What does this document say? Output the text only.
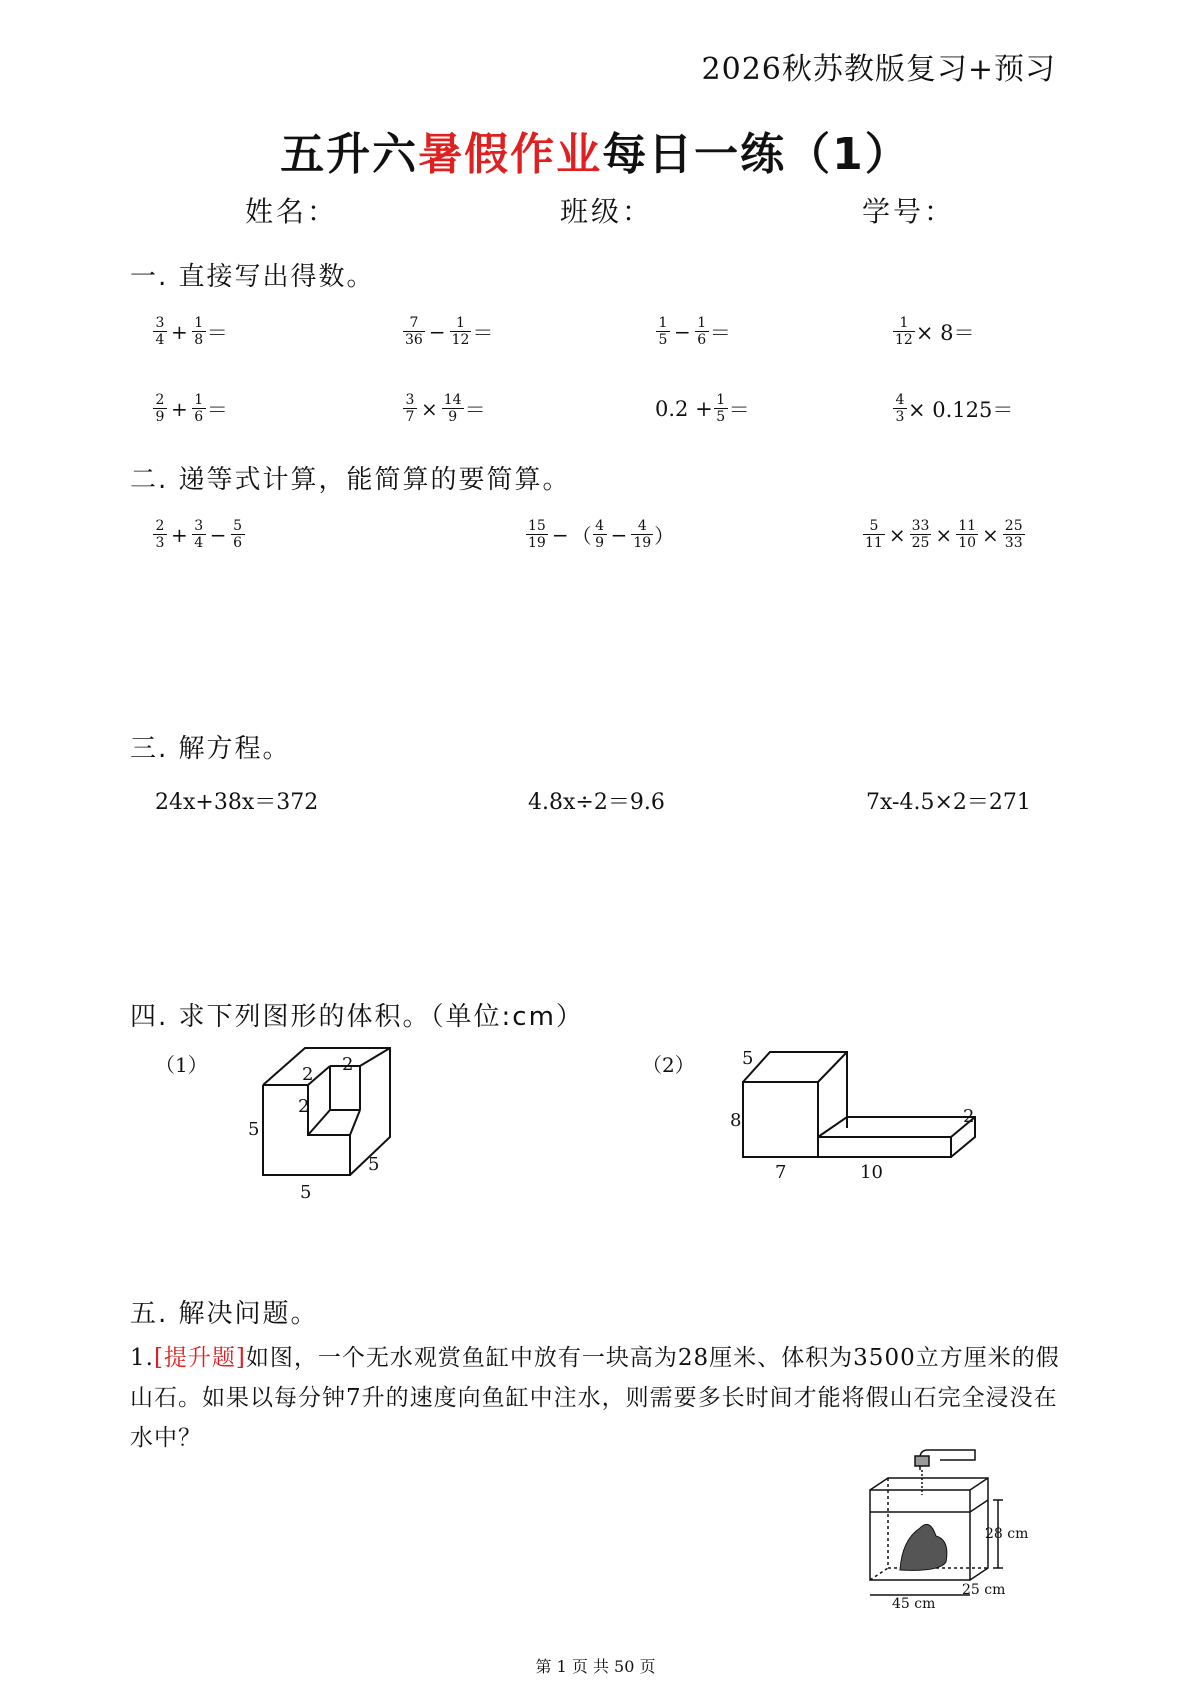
2026秋苏教版复习+预习
五升六暑假作业每日一练（1）
姓名：	班级：	学号：
一. 直接写出得数。
$\frac{3}{4} + \frac{1}{8}$ ＝	$\frac{7}{36} - \frac{1}{12}$ ＝	$\frac{1}{5} - \frac{1}{6}$ ＝	$\frac{1}{12} \times 8=$
$\frac{2}{9} + \frac{1}{6}$ ＝	$\frac{3}{7} \times \frac{14}{9}$ ＝	$0.2 + \frac{1}{5}$ ＝	$\frac{4}{3} \times 0.125=$
二. 递等式计算，能简算的要简算。
$\frac{2}{3} + \frac{3}{4} - \frac{5}{6}$	$\frac{15}{19}$ − （ $\frac{4}{9} - \frac{4}{19}$ ）	$\frac{5}{11} \times \frac{33}{25} \times \frac{11}{10} \times \frac{25}{33}$
三. 解方程。
24x+38x＝372	4.8x÷2＝9.6	7x-4.5×2＝271
四. 求下列图形的体积。（单位:cm）
（1）	（2）
2 2
2
5
5
5
5
8
7	10
2
五. 解决问题。
1.[提升题]如图，一个无水观赏鱼缸中放有一块高为28厘米、体积为3500立方厘米的假山石。如果以每分钟7升的速度向鱼缸中注水，则需要多长时间才能将假山石完全浸没在水中？
28 cm
25 cm
45 cm
第 1 页 共 50 页
